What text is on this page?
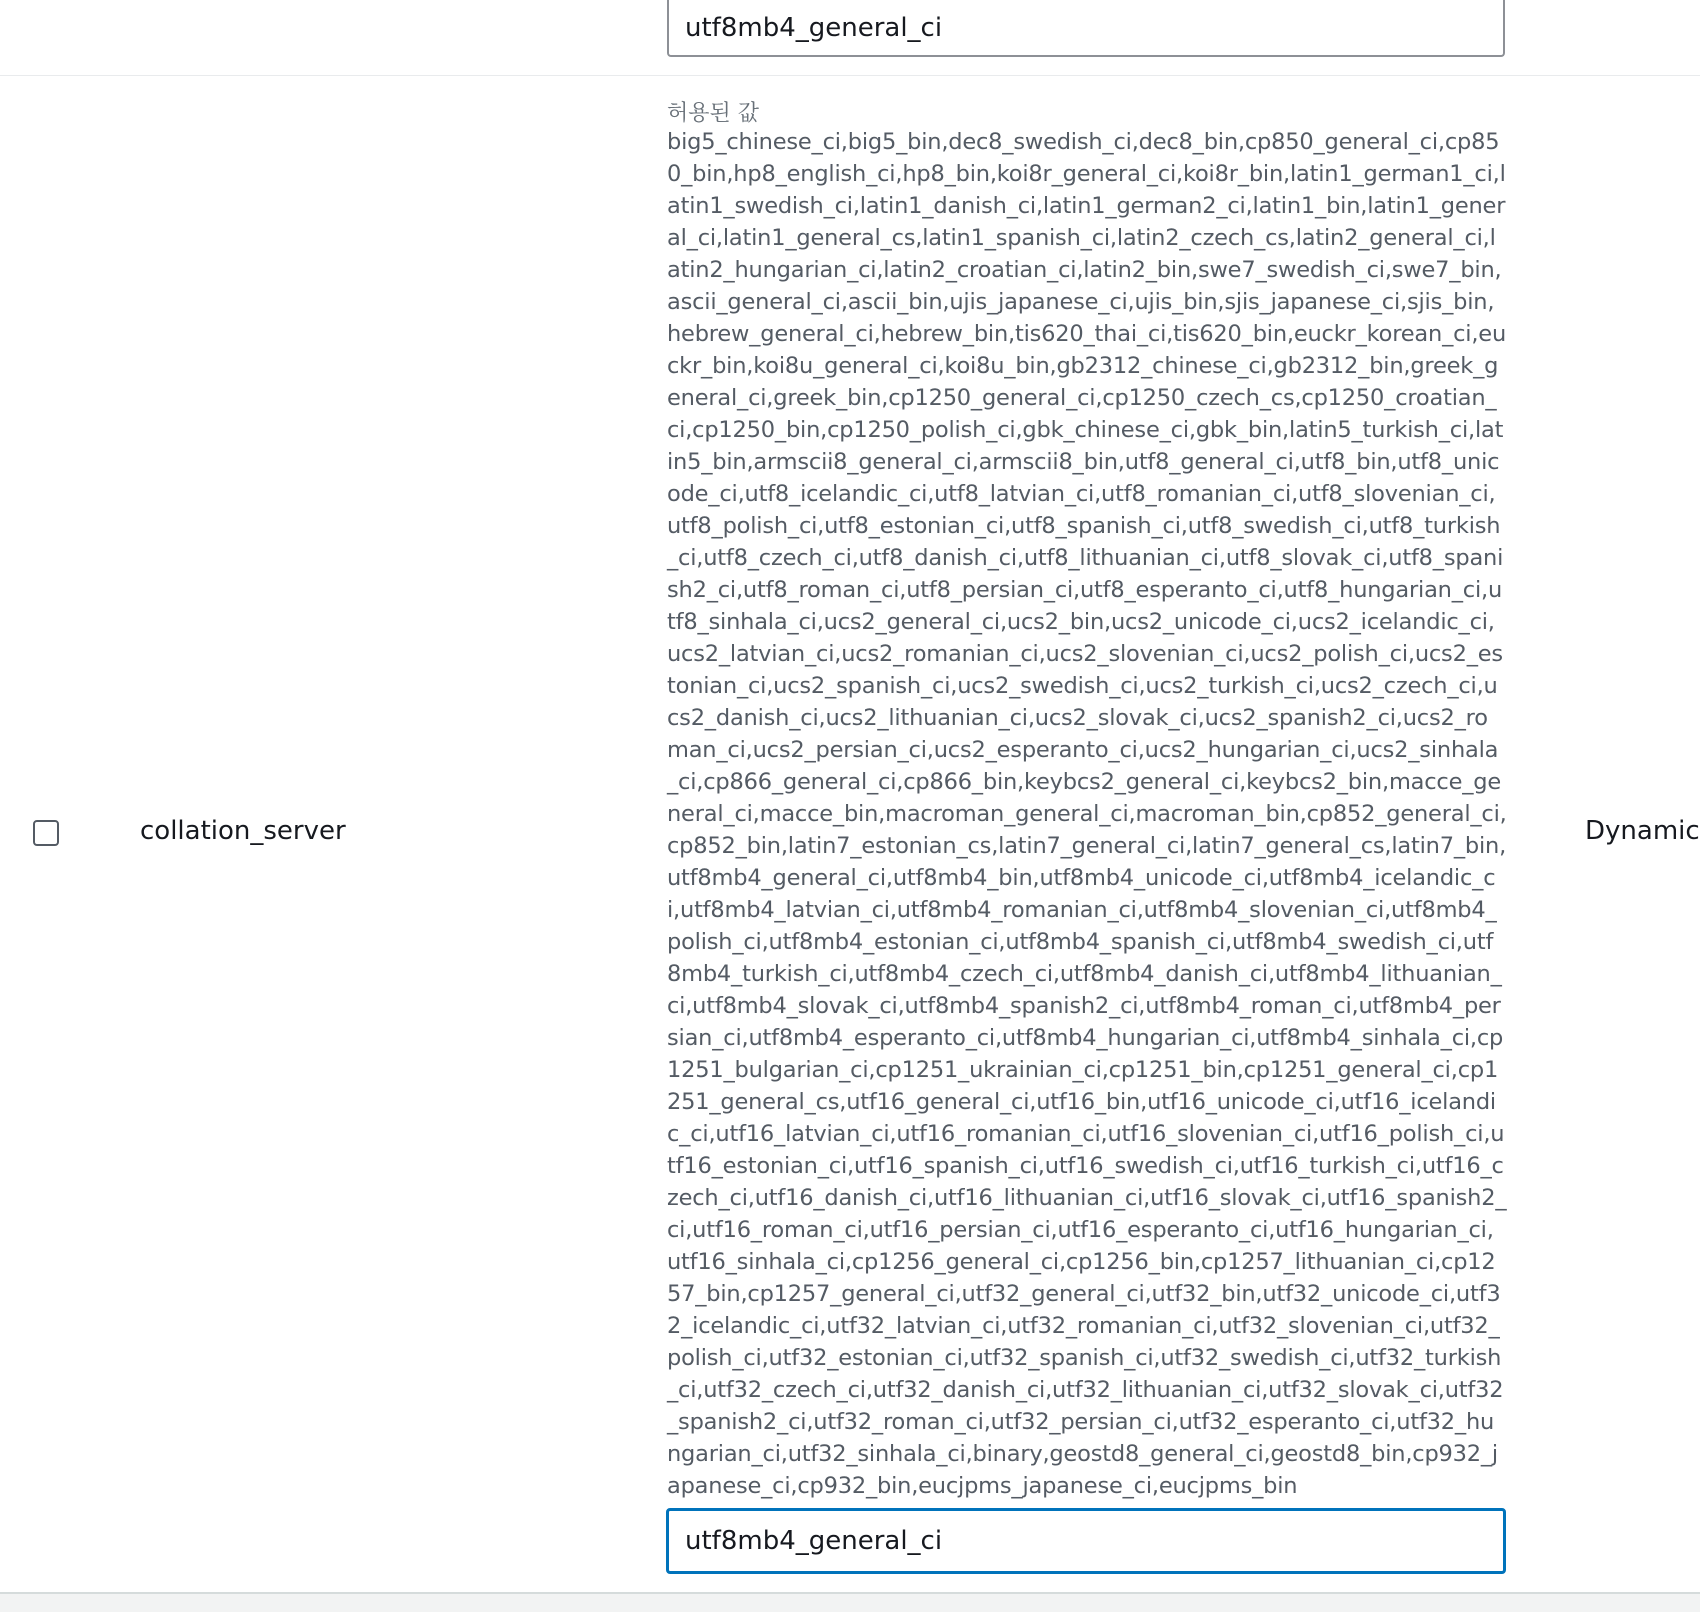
utf8mb4_general_ci
collation_server
허용된 값
big5_chinese_ci,big5_bin,dec8_swedish_ci,dec8_bin,cp850_general_ci,cp850_bin,hp8_english_ci,hp8_bin,koi8r_general_ci,koi8r_bin,latin1_german1_ci,latin1_swedish_ci,latin1_danish_ci,latin1_german2_ci,latin1_bin,latin1_general_ci,latin1_general_cs,latin1_spanish_ci,latin2_czech_cs,latin2_general_ci,latin2_hungarian_ci,latin2_croatian_ci,latin2_bin,swe7_swedish_ci,swe7_bin,ascii_general_ci,ascii_bin,ujis_japanese_ci,ujis_bin,sjis_japanese_ci,sjis_bin,hebrew_general_ci,hebrew_bin,tis620_thai_ci,tis620_bin,euckr_korean_ci,euckr_bin,koi8u_general_ci,koi8u_bin,gb2312_chinese_ci,gb2312_bin,greek_general_ci,greek_bin,cp1250_general_ci,cp1250_czech_cs,cp1250_croatian_ci,cp1250_bin,cp1250_polish_ci,gbk_chinese_ci,gbk_bin,latin5_turkish_ci,latin5_bin,armscii8_general_ci,armscii8_bin,utf8_general_ci,utf8_bin,utf8_unicode_ci,utf8_icelandic_ci,utf8_latvian_ci,utf8_romanian_ci,utf8_slovenian_ci,utf8_polish_ci,utf8_estonian_ci,utf8_spanish_ci,utf8_swedish_ci,utf8_turkish_ci,utf8_czech_ci,utf8_danish_ci,utf8_lithuanian_ci,utf8_slovak_ci,utf8_spanish2_ci,utf8_roman_ci,utf8_persian_ci,utf8_esperanto_ci,utf8_hungarian_ci,utf8_sinhala_ci,ucs2_general_ci,ucs2_bin,ucs2_unicode_ci,ucs2_icelandic_ci,ucs2_latvian_ci,ucs2_romanian_ci,ucs2_slovenian_ci,ucs2_polish_ci,ucs2_estonian_ci,ucs2_spanish_ci,ucs2_swedish_ci,ucs2_turkish_ci,ucs2_czech_ci,ucs2_danish_ci,ucs2_lithuanian_ci,ucs2_slovak_ci,ucs2_spanish2_ci,ucs2_roman_ci,ucs2_persian_ci,ucs2_esperanto_ci,ucs2_hungarian_ci,ucs2_sinhala_ci,cp866_general_ci,cp866_bin,keybcs2_general_ci,keybcs2_bin,macce_general_ci,macce_bin,macroman_general_ci,macroman_bin,cp852_general_ci,cp852_bin,latin7_estonian_cs,latin7_general_ci,latin7_general_cs,latin7_bin,utf8mb4_general_ci,utf8mb4_bin,utf8mb4_unicode_ci,utf8mb4_icelandic_ci,utf8mb4_latvian_ci,utf8mb4_romanian_ci,utf8mb4_slovenian_ci,utf8mb4_polish_ci,utf8mb4_estonian_ci,utf8mb4_spanish_ci,utf8mb4_swedish_ci,utf8mb4_turkish_ci,utf8mb4_czech_ci,utf8mb4_danish_ci,utf8mb4_lithuanian_ci,utf8mb4_slovak_ci,utf8mb4_spanish2_ci,utf8mb4_roman_ci,utf8mb4_persian_ci,utf8mb4_esperanto_ci,utf8mb4_hungarian_ci,utf8mb4_sinhala_ci,cp1251_bulgarian_ci,cp1251_ukrainian_ci,cp1251_bin,cp1251_general_ci,cp1251_general_cs,utf16_general_ci,utf16_bin,utf16_unicode_ci,utf16_icelandic_ci,utf16_latvian_ci,utf16_romanian_ci,utf16_slovenian_ci,utf16_polish_ci,utf16_estonian_ci,utf16_spanish_ci,utf16_swedish_ci,utf16_turkish_ci,utf16_czech_ci,utf16_danish_ci,utf16_lithuanian_ci,utf16_slovak_ci,utf16_spanish2_ci,utf16_roman_ci,utf16_persian_ci,utf16_esperanto_ci,utf16_hungarian_ci,utf16_sinhala_ci,cp1256_general_ci,cp1256_bin,cp1257_lithuanian_ci,cp1257_bin,cp1257_general_ci,utf32_general_ci,utf32_bin,utf32_unicode_ci,utf32_icelandic_ci,utf32_latvian_ci,utf32_romanian_ci,utf32_slovenian_ci,utf32_polish_ci,utf32_estonian_ci,utf32_spanish_ci,utf32_swedish_ci,utf32_turkish_ci,utf32_czech_ci,utf32_danish_ci,utf32_lithuanian_ci,utf32_slovak_ci,utf32_spanish2_ci,utf32_roman_ci,utf32_persian_ci,utf32_esperanto_ci,utf32_hungarian_ci,utf32_sinhala_ci,binary,geostd8_general_ci,geostd8_bin,cp932_japanese_ci,cp932_bin,eucjpms_japanese_ci,eucjpms_bin
utf8mb4_general_ci
Dynamic
